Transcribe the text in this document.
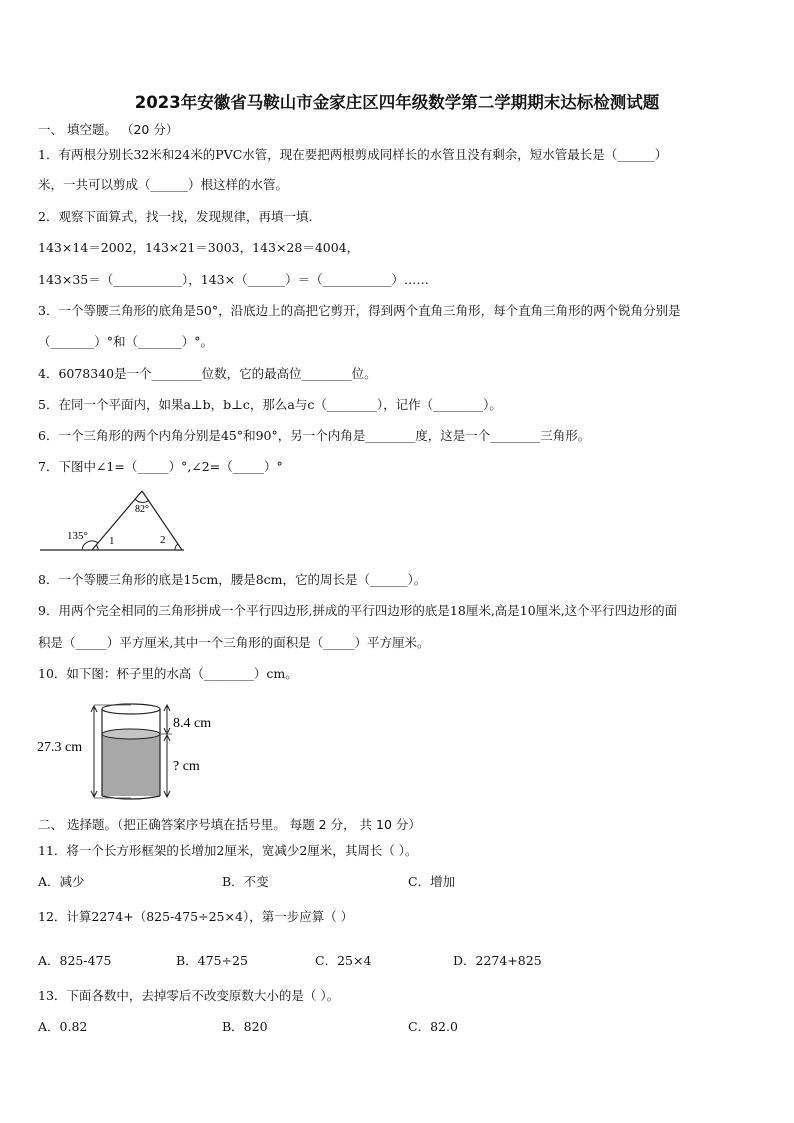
2023年安徽省马鞍山市金家庄区四年级数学第二学期期末达标检测试题
一、 填空题。 （20 分）
1．有两根分别长32米和24米的PVC水管，现在要把两根剪成同样长的水管且没有剩余，短水管最长是（______）
米，一共可以剪成（______）根这样的水管。
2．观察下面算式，找一找，发现规律，再填一填.
143×14＝2002，143×21＝3003，143×28＝4004，
143×35＝（___________），143×（______）＝（___________）……
3．一个等腰三角形的底角是50°，沿底边上的高把它剪开，得到两个直角三角形，每个直角三角形的两个锐角分别是
（_______）°和（_______）°。
4．6078340是一个________位数，它的最高位________位。
5．在同一个平面内，如果a⊥b，b⊥c，那么a与c（________），记作（________）。
6．一个三角形的两个内角分别是45°和90°，另一个内角是________度，这是一个________三角形。
7．下图中∠1=（_____）°,∠2=（_____）°
135°
82°
1	2
8．一个等腰三角形的底是15cm，腰是8cm，它的周长是（______）。
9．用两个完全相同的三角形拼成一个平行四边形,拼成的平行四边形的底是18厘米,高是10厘米,这个平行四边形的面
积是（_____）平方厘米,其中一个三角形的面积是（_____）平方厘米。
10．如下图：杯子里的水高（________）cm。
27.3 cm
8.4 cm
? cm
二、 选择题。（把正确答案序号填在括号里。 每题 2 分， 共 10 分）
11．将一个长方形框架的长增加2厘米，宽减少2厘米，其周长（ ）。
A．减少	B．不变	C．增加
12．计算2274+（825-475÷25×4），第一步应算（ ）
A．825-475	B．475÷25	C．25×4	D．2274+825
13．下面各数中，去掉零后不改变原数大小的是（ ）。
A．0.82	B．820	C．82.0
